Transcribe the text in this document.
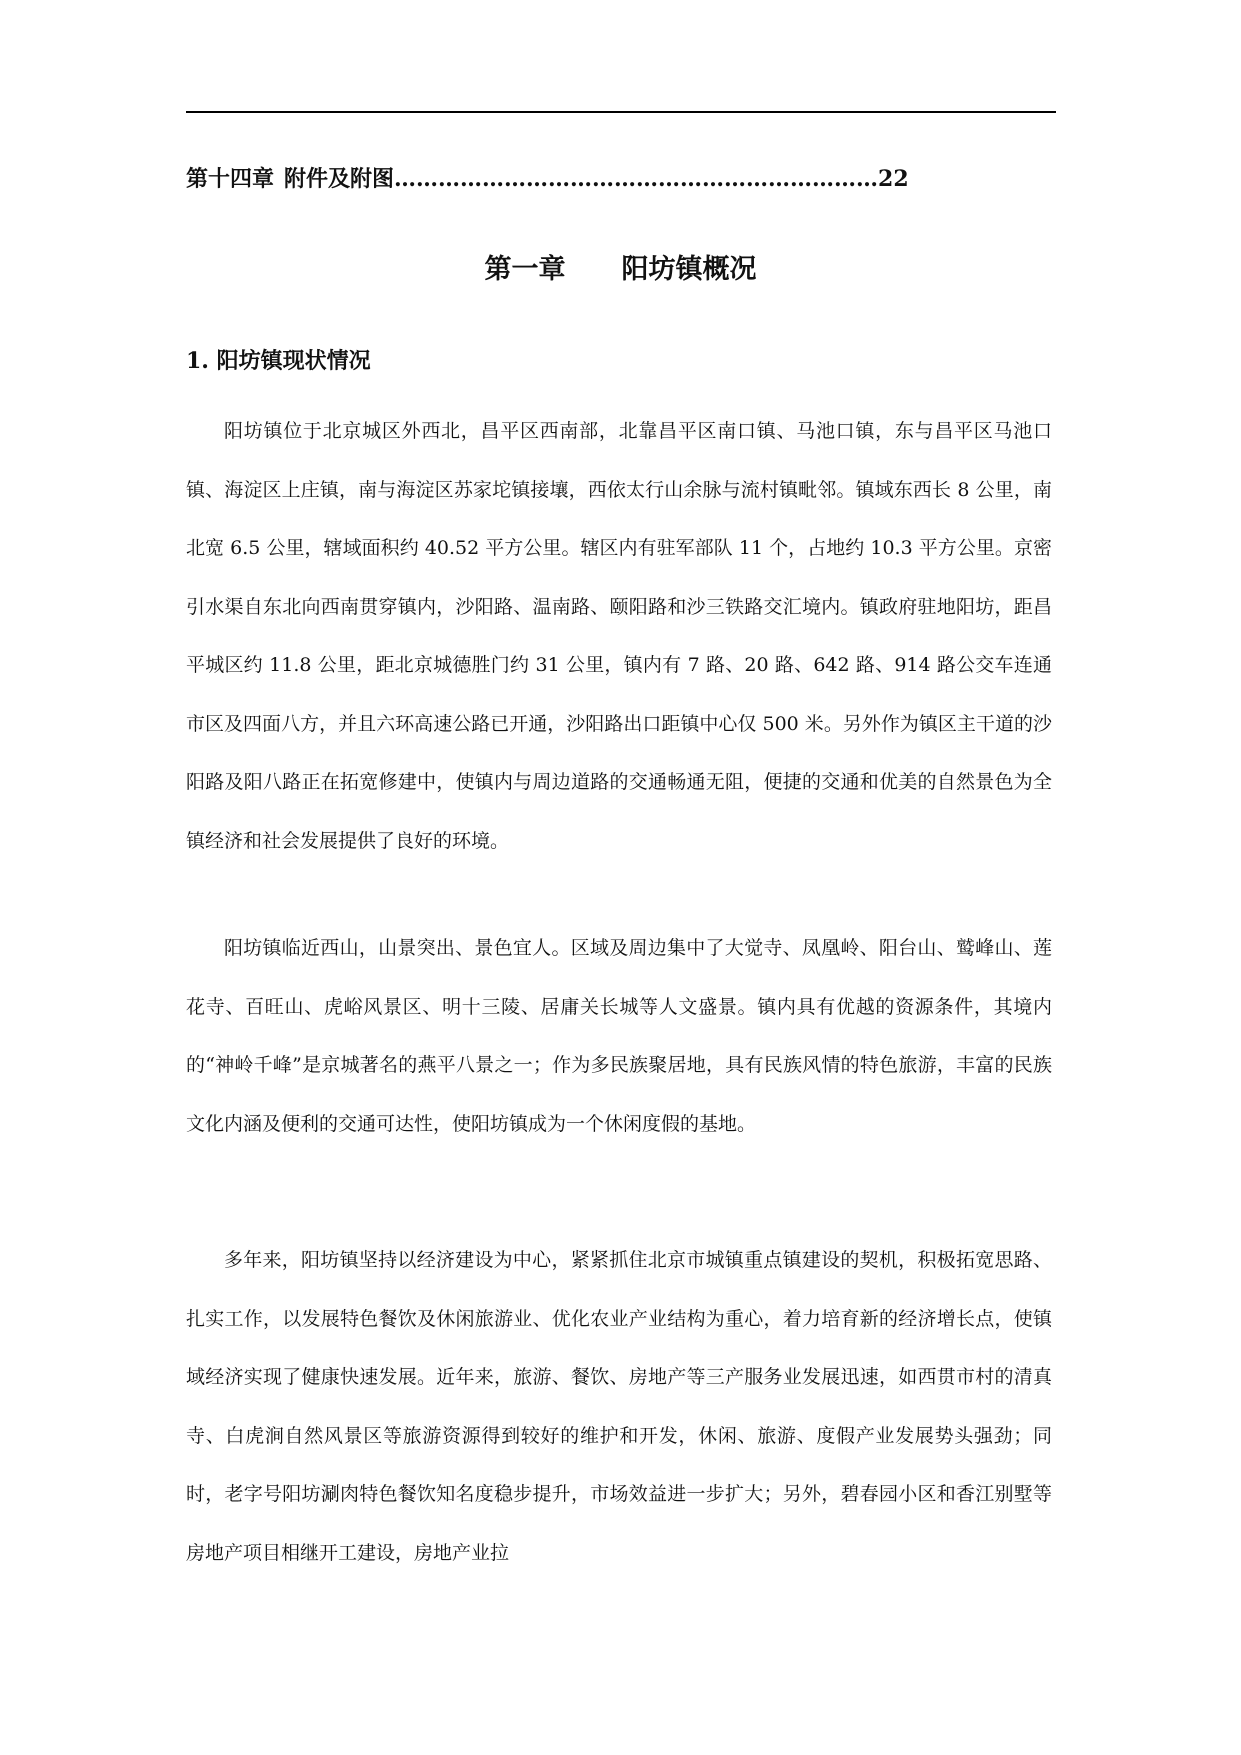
第十四章 附件及附图…………………………………………………………22
第一章 阳坊镇概况
1. 阳坊镇现状情况

阳坊镇位于北京城区外西北，昌平区西南部，北靠昌平区南口镇、马池口镇，东与昌平区马池口镇、海淀区上庄镇，南与海淀区苏家坨镇接壤，西依太行山余脉与流村镇毗邻。镇域东西长 8 公里，南北宽 6.5 公里，辖域面积约 40.52 平方公里。辖区内有驻军部队 11 个，占地约 10.3 平方公里。京密引水渠自东北向西南贯穿镇内，沙阳路、温南路、颐阳路和沙三铁路交汇境内。镇政府驻地阳坊，距昌平城区约 11.8 公里，距北京城德胜门约 31 公里，镇内有 7 路、20 路、642 路、914 路公交车连通市区及四面八方，并且六环高速公路已开通，沙阳路出口距镇中心仅 500 米。另外作为镇区主干道的沙阳路及阳八路正在拓宽修建中，使镇内与周边道路的交通畅通无阻，便捷的交通和优美的自然景色为全镇经济和社会发展提供了良好的环境。

阳坊镇临近西山，山景突出、景色宜人。区域及周边集中了大觉寺、凤凰岭、阳台山、鹫峰山、莲花寺、百旺山、虎峪风景区、明十三陵、居庸关长城等人文盛景。镇内具有优越的资源条件，其境内的“神岭千峰”是京城著名的燕平八景之一；作为多民族聚居地，具有民族风情的特色旅游，丰富的民族文化内涵及便利的交通可达性，使阳坊镇成为一个休闲度假的基地。

多年来，阳坊镇坚持以经济建设为中心，紧紧抓住北京市城镇重点镇建设的契机，积极拓宽思路、扎实工作，以发展特色餐饮及休闲旅游业、优化农业产业结构为重心，着力培育新的经济增长点，使镇域经济实现了健康快速发展。近年来，旅游、餐饮、房地产等三产服务业发展迅速，如西贯市村的清真寺、白虎涧自然风景区等旅游资源得到较好的维护和开发，休闲、旅游、度假产业发展势头强劲；同时，老字号阳坊涮肉特色餐饮知名度稳步提升，市场效益进一步扩大；另外，碧春园小区和香江别墅等房地产项目相继开工建设，房地产业拉
